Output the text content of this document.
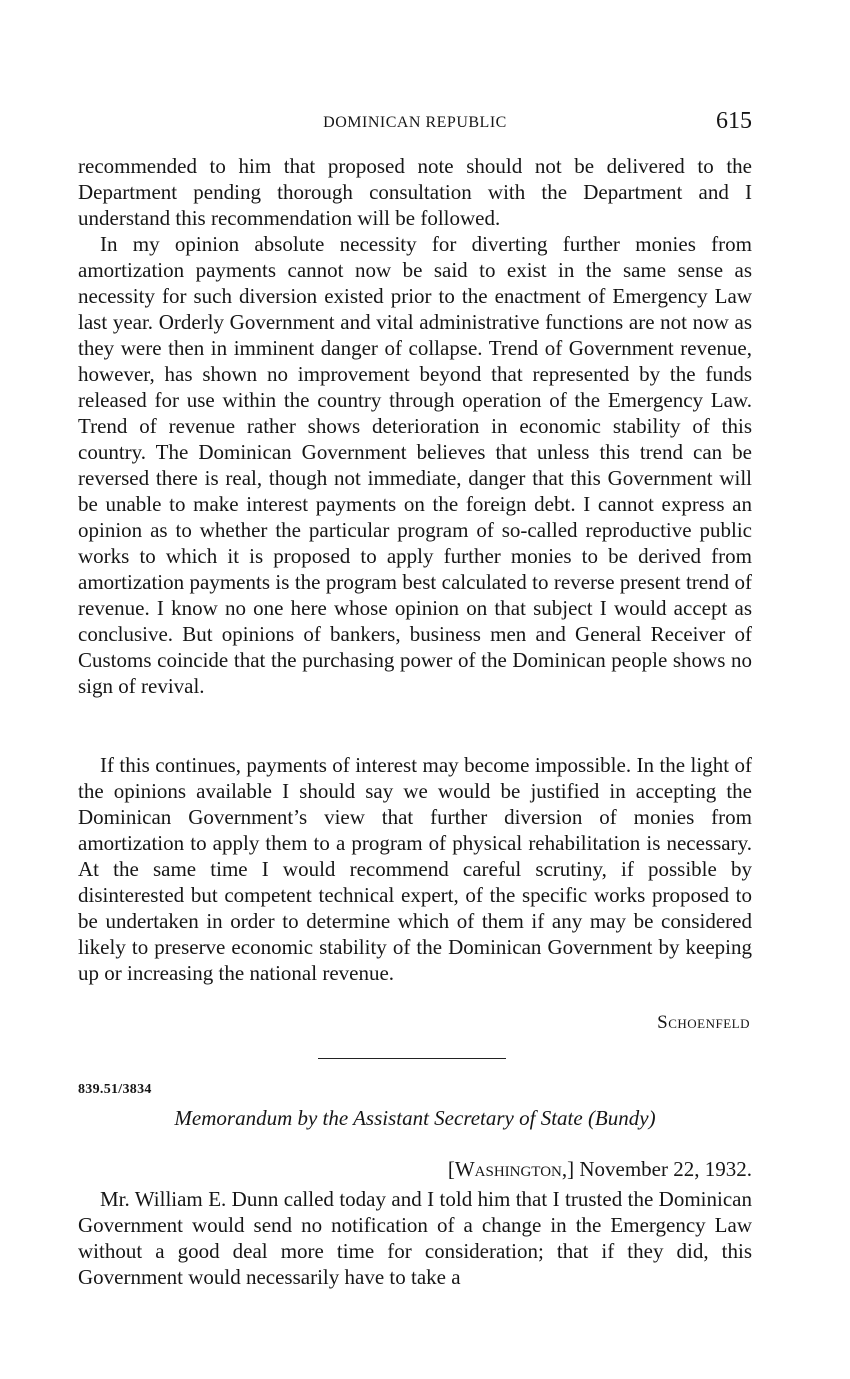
DOMINICAN REPUBLIC	615

recommended to him that proposed note should not be delivered to the Department pending thorough consultation with the Department and I understand this recommendation will be followed.

In my opinion absolute necessity for diverting further monies from amortization payments cannot now be said to exist in the same sense as necessity for such diversion existed prior to the enactment of Emergency Law last year. Orderly Government and vital administrative functions are not now as they were then in imminent danger of collapse. Trend of Government revenue, however, has shown no improvement beyond that represented by the funds released for use within the country through operation of the Emergency Law. Trend of revenue rather shows deterioration in economic stability of this country. The Dominican Government believes that unless this trend can be reversed there is real, though not immediate, danger that this Government will be unable to make interest payments on the foreign debt. I cannot express an opinion as to whether the particular program of so-called reproductive public works to which it is proposed to apply further monies to be derived from amortization payments is the program best calculated to reverse present trend of revenue. I know no one here whose opinion on that subject I would accept as conclusive. But opinions of bankers, business men and General Receiver of Customs coincide that the purchasing power of the Dominican people shows no sign of revival.

If this continues, payments of interest may become impossible. In the light of the opinions available I should say we would be justified in accepting the Dominican Government’s view that further diversion of monies from amortization to apply them to a program of physical rehabilitation is necessary. At the same time I would recommend careful scrutiny, if possible by disinterested but competent technical expert, of the specific works proposed to be undertaken in order to determine which of them if any may be considered likely to preserve economic stability of the Dominican Government by keeping up or increasing the national revenue.

Schoenfeld
839.51/3834
Memorandum by the Assistant Secretary of State (Bundy)
[Washington,] November 22, 1932.

Mr. William E. Dunn called today and I told him that I trusted the Dominican Government would send no notification of a change in the Emergency Law without a good deal more time for consideration; that if they did, this Government would necessarily have to take a
